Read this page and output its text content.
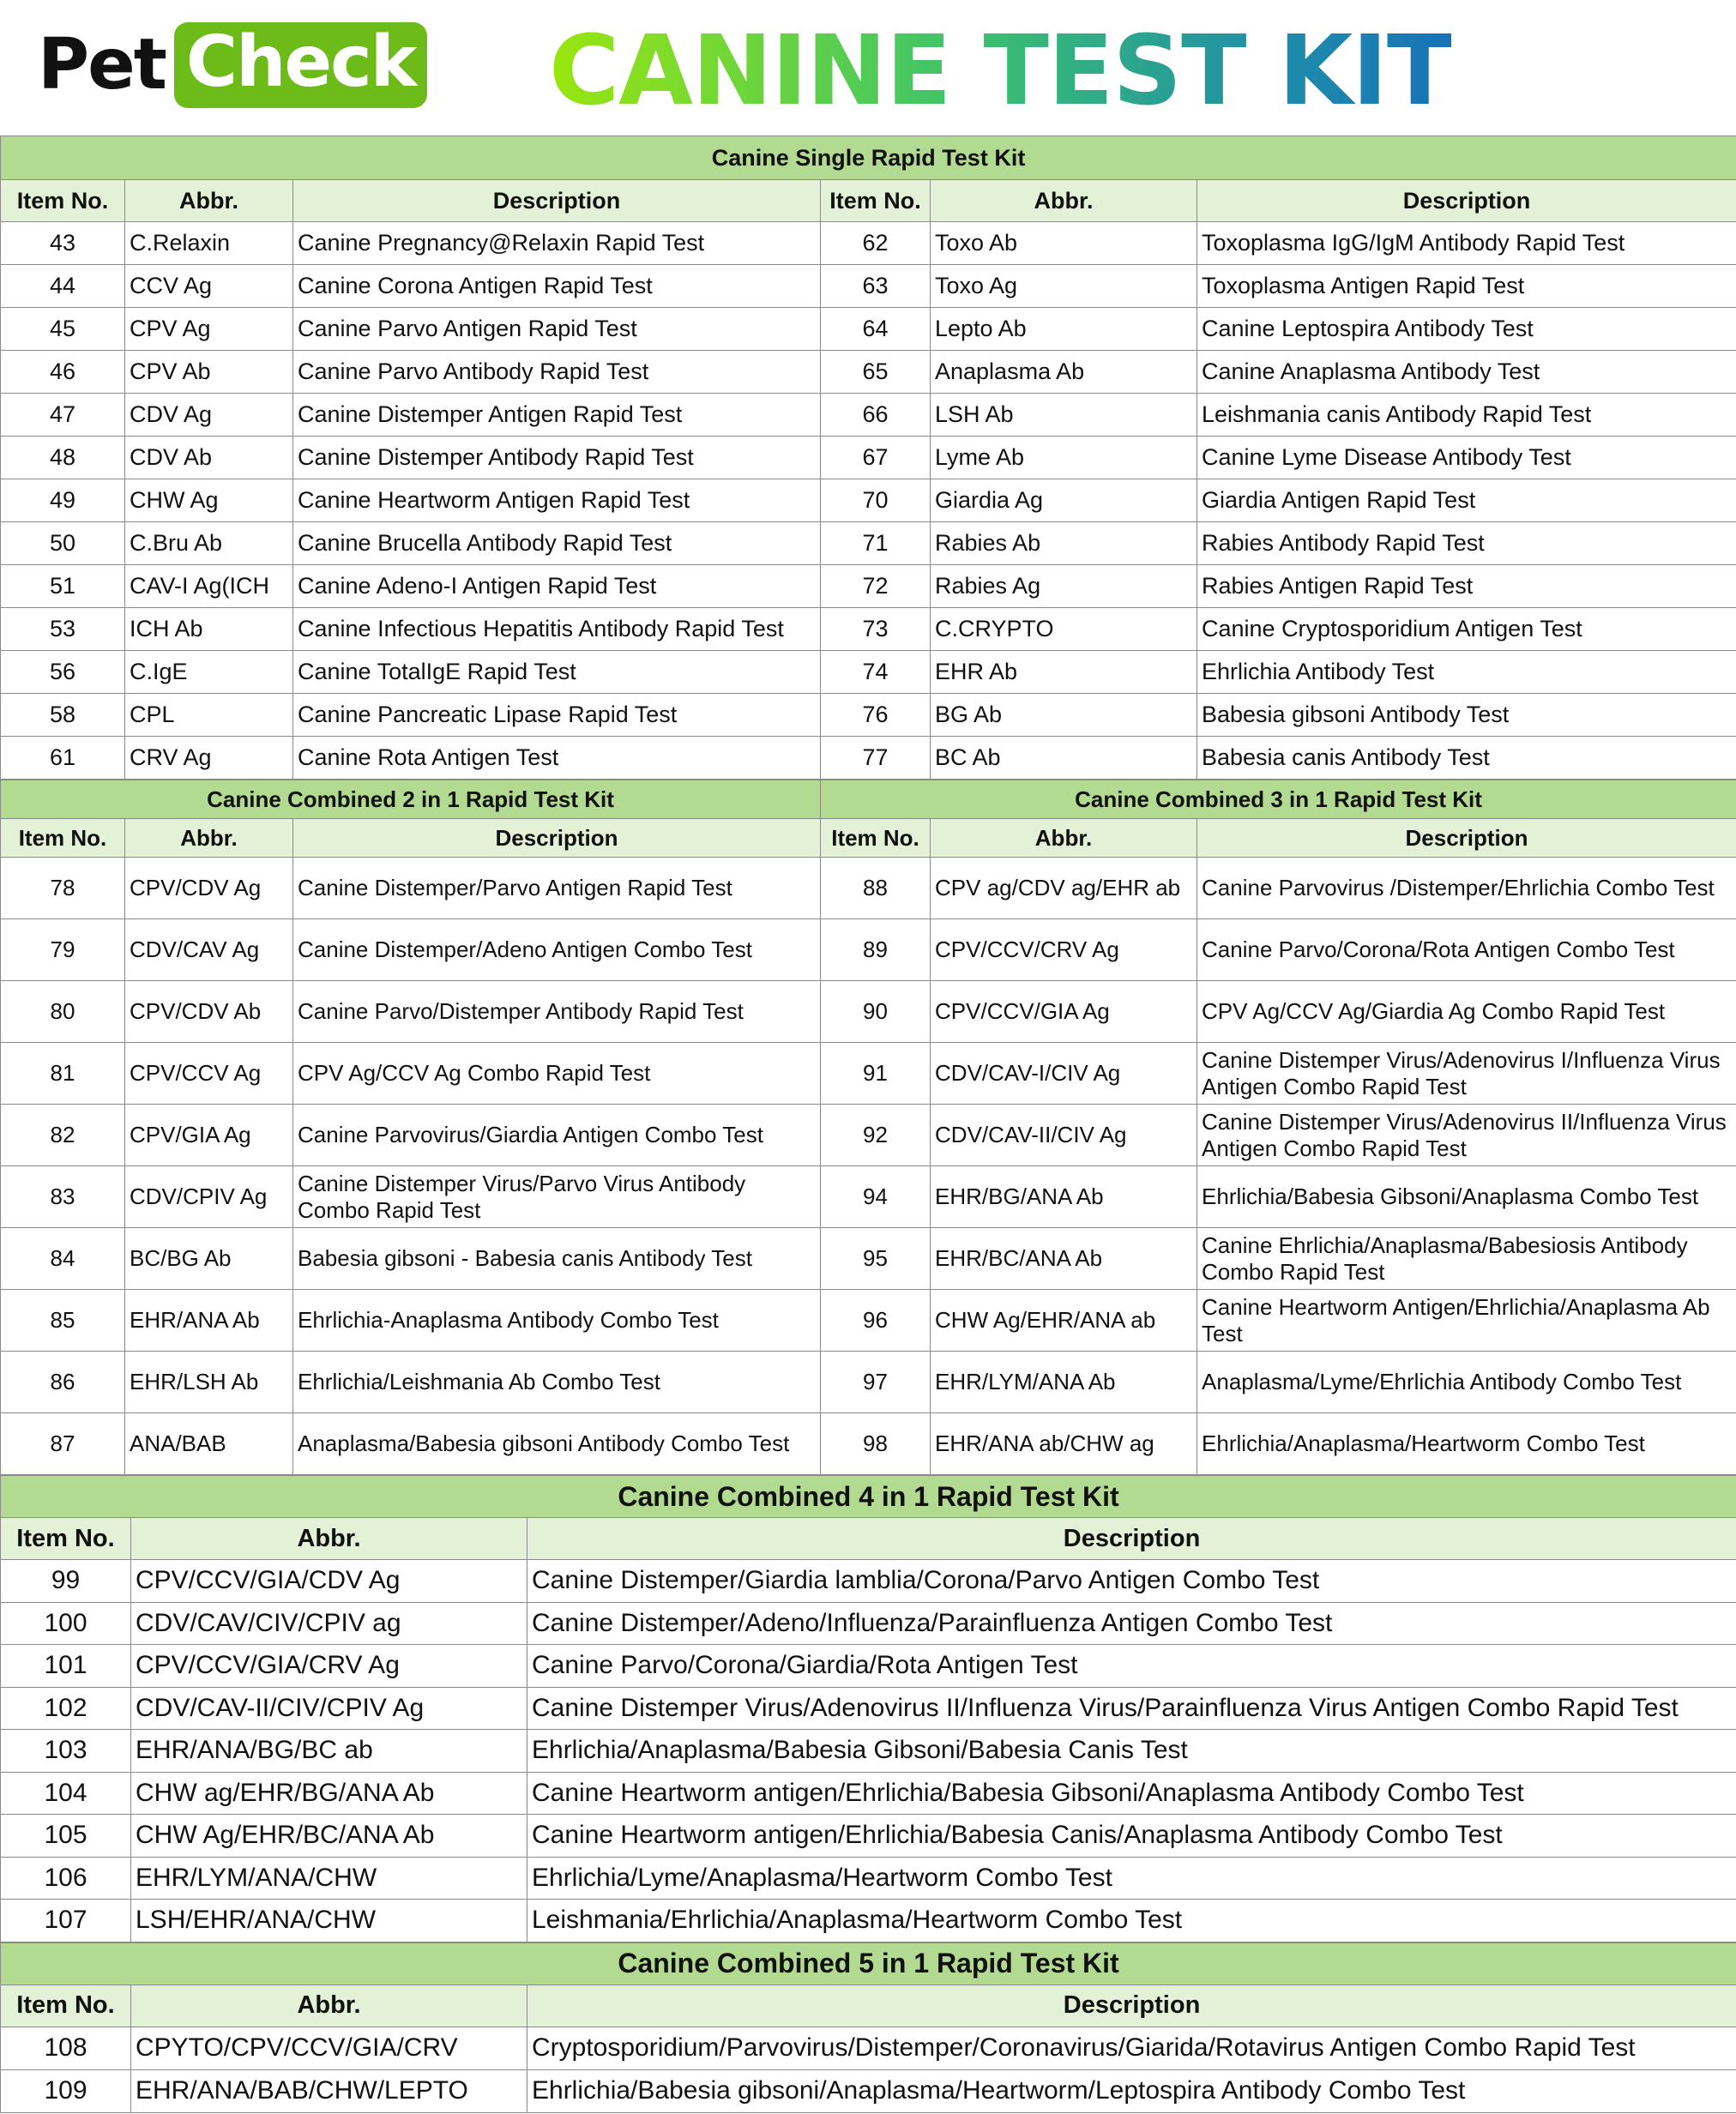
Pet Check CANINE TEST KIT
Canine Single Rapid Test Kit					
Item No.	Abbr.	Description	Item No.	Abbr.	Description
43	C.Relaxin	Canine Pregnancy@Relaxin Rapid Test	62	Toxo Ab	Toxoplasma IgG/IgM Antibody Rapid Test
44	CCV Ag	Canine Corona Antigen Rapid Test	63	Toxo Ag	Toxoplasma Antigen Rapid Test
45	CPV Ag	Canine Parvo Antigen Rapid Test	64	Lepto Ab	Canine Leptospira Antibody Test
46	CPV Ab	Canine Parvo Antibody Rapid Test	65	Anaplasma Ab	Canine Anaplasma Antibody Test
47	CDV Ag	Canine Distemper Antigen Rapid Test	66	LSH Ab	Leishmania canis Antibody Rapid Test
48	CDV Ab	Canine Distemper Antibody Rapid Test	67	Lyme Ab	Canine Lyme Disease Antibody Test
49	CHW Ag	Canine Heartworm Antigen Rapid Test	70	Giardia Ag	Giardia Antigen Rapid Test
50	C.Bru Ab	Canine Brucella Antibody Rapid Test	71	Rabies Ab	Rabies Antibody Rapid Test
51	CAV-I Ag(ICH	Canine Adeno-I Antigen Rapid Test	72	Rabies Ag	Rabies Antigen Rapid Test
53	ICH Ab	Canine Infectious Hepatitis Antibody Rapid Test	73	C.CRYPTO	Canine Cryptosporidium Antigen Test
56	C.IgE	Canine TotalIgE Rapid Test	74	EHR Ab	Ehrlichia Antibody Test
58	CPL	Canine Pancreatic Lipase Rapid Test	76	BG Ab	Babesia gibsoni Antibody Test
61	CRV Ag	Canine Rota Antigen Test	77	BC Ab	Babesia canis Antibody Test
Canine Combined 2 in 1 Rapid Test Kit			Canine Combined 3 in 1 Rapid Test Kit		
Item No.	Abbr.	Description	Item No.	Abbr.	Description
78	CPV/CDV Ag	Canine Distemper/Parvo Antigen Rapid Test	88	CPV ag/CDV ag/EHR ab	Canine Parvovirus /Distemper/Ehrlichia Combo Test
79	CDV/CAV Ag	Canine Distemper/Adeno Antigen Combo Test	89	CPV/CCV/CRV Ag	Canine Parvo/Corona/Rota Antigen Combo Test
80	CPV/CDV Ab	Canine Parvo/Distemper Antibody Rapid Test	90	CPV/CCV/GIA Ag	CPV Ag/CCV Ag/Giardia Ag Combo Rapid Test
81	CPV/CCV Ag	CPV Ag/CCV Ag Combo Rapid Test	91	CDV/CAV-I/CIV Ag	Canine Distemper Virus/Adenovirus I/Influenza Virus Antigen Combo Rapid Test
82	CPV/GIA Ag	Canine Parvovirus/Giardia Antigen Combo Test	92	CDV/CAV-II/CIV Ag	Canine Distemper Virus/Adenovirus II/Influenza Virus Antigen Combo Rapid Test
83	CDV/CPIV Ag	Canine Distemper Virus/Parvo Virus Antibody Combo Rapid Test	94	EHR/BG/ANA Ab	Ehrlichia/Babesia Gibsoni/Anaplasma Combo Test
84	BC/BG Ab	Babesia gibsoni - Babesia canis Antibody Test	95	EHR/BC/ANA Ab	Canine Ehrlichia/Anaplasma/Babesiosis Antibody Combo Rapid Test
85	EHR/ANA Ab	Ehrlichia-Anaplasma Antibody Combo Test	96	CHW Ag/EHR/ANA ab	Canine Heartworm Antigen/Ehrlichia/Anaplasma Ab Test
86	EHR/LSH Ab	Ehrlichia/Leishmania Ab Combo Test	97	EHR/LYM/ANA Ab	Anaplasma/Lyme/Ehrlichia Antibody Combo Test
87	ANA/BAB	Anaplasma/Babesia gibsoni Antibody Combo Test	98	EHR/ANA ab/CHW ag	Ehrlichia/Anaplasma/Heartworm Combo Test
Canine Combined 4 in 1 Rapid Test Kit		
Item No.	Abbr.	Description
99	CPV/CCV/GIA/CDV Ag	Canine Distemper/Giardia lamblia/Corona/Parvo Antigen Combo Test
100	CDV/CAV/CIV/CPIV ag	Canine Distemper/Adeno/Influenza/Parainfluenza Antigen Combo Test
101	CPV/CCV/GIA/CRV Ag	Canine Parvo/Corona/Giardia/Rota Antigen Test
102	CDV/CAV-II/CIV/CPIV Ag	Canine Distemper Virus/Adenovirus II/Influenza Virus/Parainfluenza Virus Antigen Combo Rapid Test
103	EHR/ANA/BG/BC ab	Ehrlichia/Anaplasma/Babesia Gibsoni/Babesia Canis Test
104	CHW ag/EHR/BG/ANA Ab	Canine Heartworm antigen/Ehrlichia/Babesia Gibsoni/Anaplasma Antibody Combo Test
105	CHW Ag/EHR/BC/ANA Ab	Canine Heartworm antigen/Ehrlichia/Babesia Canis/Anaplasma Antibody Combo Test
106	EHR/LYM/ANA/CHW	Ehrlichia/Lyme/Anaplasma/Heartworm Combo Test
107	LSH/EHR/ANA/CHW	Leishmania/Ehrlichia/Anaplasma/Heartworm Combo Test
Canine Combined 5 in 1 Rapid Test Kit		
Item No.	Abbr.	Description
108	CPYTO/CPV/CCV/GIA/CRV	Cryptosporidium/Parvovirus/Distemper/Coronavirus/Giarida/Rotavirus Antigen Combo Rapid Test
109	EHR/ANA/BAB/CHW/LEPTO	Ehrlichia/Babesia gibsoni/Anaplasma/Heartworm/Leptospira Antibody Combo Test
